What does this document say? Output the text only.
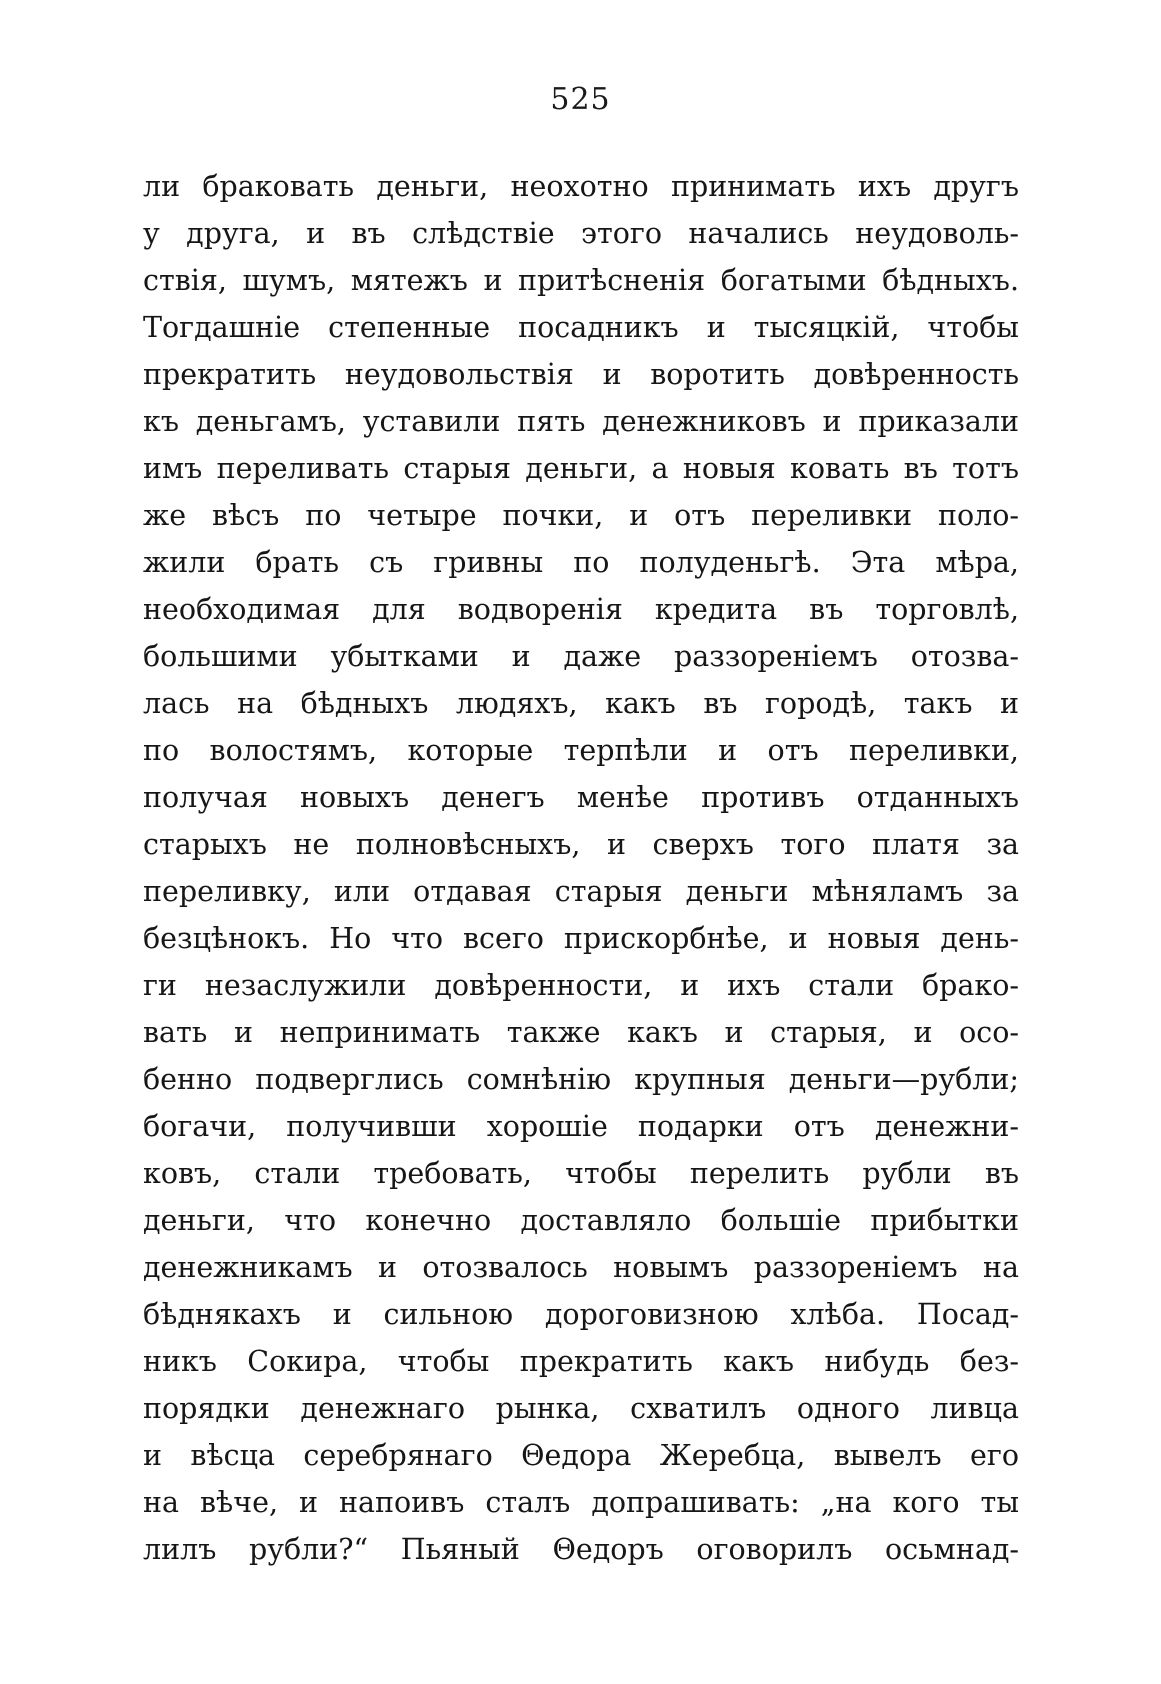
525
ли браковать деньги, неохотно принимать ихъ другъ
у друга, и въ слѣдствіе этого начались неудоволь-
ствія, шумъ, мятежъ и притѣсненія богатыми бѣдныхъ.
Тогдашніе степенные посадникъ и тысяцкій, чтобы
прекратить неудовольствія и воротить довѣренность
къ деньгамъ, уставили пять денежниковъ и приказали
имъ переливать старыя деньги, а новыя ковать въ тотъ
же вѣсъ по четыре почки, и отъ переливки поло-
жили брать съ гривны по полуденьгѣ. Эта мѣра,
необходимая для водворенія кредита въ торговлѣ,
большими убытками и даже раззореніемъ отозва-
лась на бѣдныхъ людяхъ, какъ въ городѣ, такъ и
по волостямъ, которые терпѣли и отъ переливки,
получая новыхъ денегъ менѣе противъ отданныхъ
старыхъ не полновѣсныхъ, и сверхъ того платя за
переливку, или отдавая старыя деньги мѣняламъ за
безцѣнокъ. Но что всего прискорбнѣе, и новыя день-
ги незаслужили довѣренности, и ихъ стали брако-
вать и непринимать также какъ и старыя, и осо-
бенно подверглись сомнѣнію крупныя деньги—рубли;
богачи, получивши хорошіе подарки отъ денежни-
ковъ, стали требовать, чтобы перелить рубли въ
деньги, что конечно доставляло большіе прибытки
денежникамъ и отозвалось новымъ раззореніемъ на
бѣднякахъ и сильною дороговизною хлѣба. Посад-
никъ Сокира, чтобы прекратить какъ нибудь без-
порядки денежнаго рынка, схватилъ одного ливца
и вѣсца серебрянаго Θедора Жеребца, вывелъ его
на вѣче, и напоивъ сталъ допрашивать: „на кого ты
лилъ рубли?“ Пьяный Θедоръ оговорилъ осьмнад-
